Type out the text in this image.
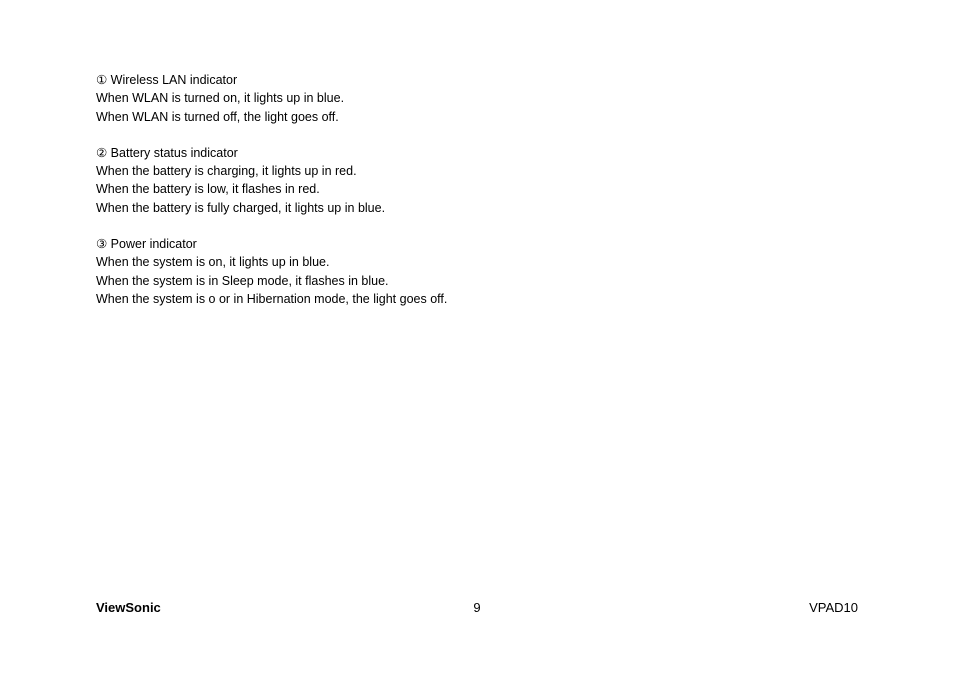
① Wireless LAN indicator
When WLAN is turned on, it lights up in blue.
When WLAN is turned off, the light goes off.
② Battery status indicator
When the battery is charging, it lights up in red.
When the battery is low, it flashes in red.
When the battery is fully charged, it lights up in blue.
③ Power indicator
When the system is on, it lights up in blue.
When the system is in Sleep mode, it flashes in blue.
When the system is o or in Hibernation mode, the light goes off.
ViewSonic	9	VPAD10
